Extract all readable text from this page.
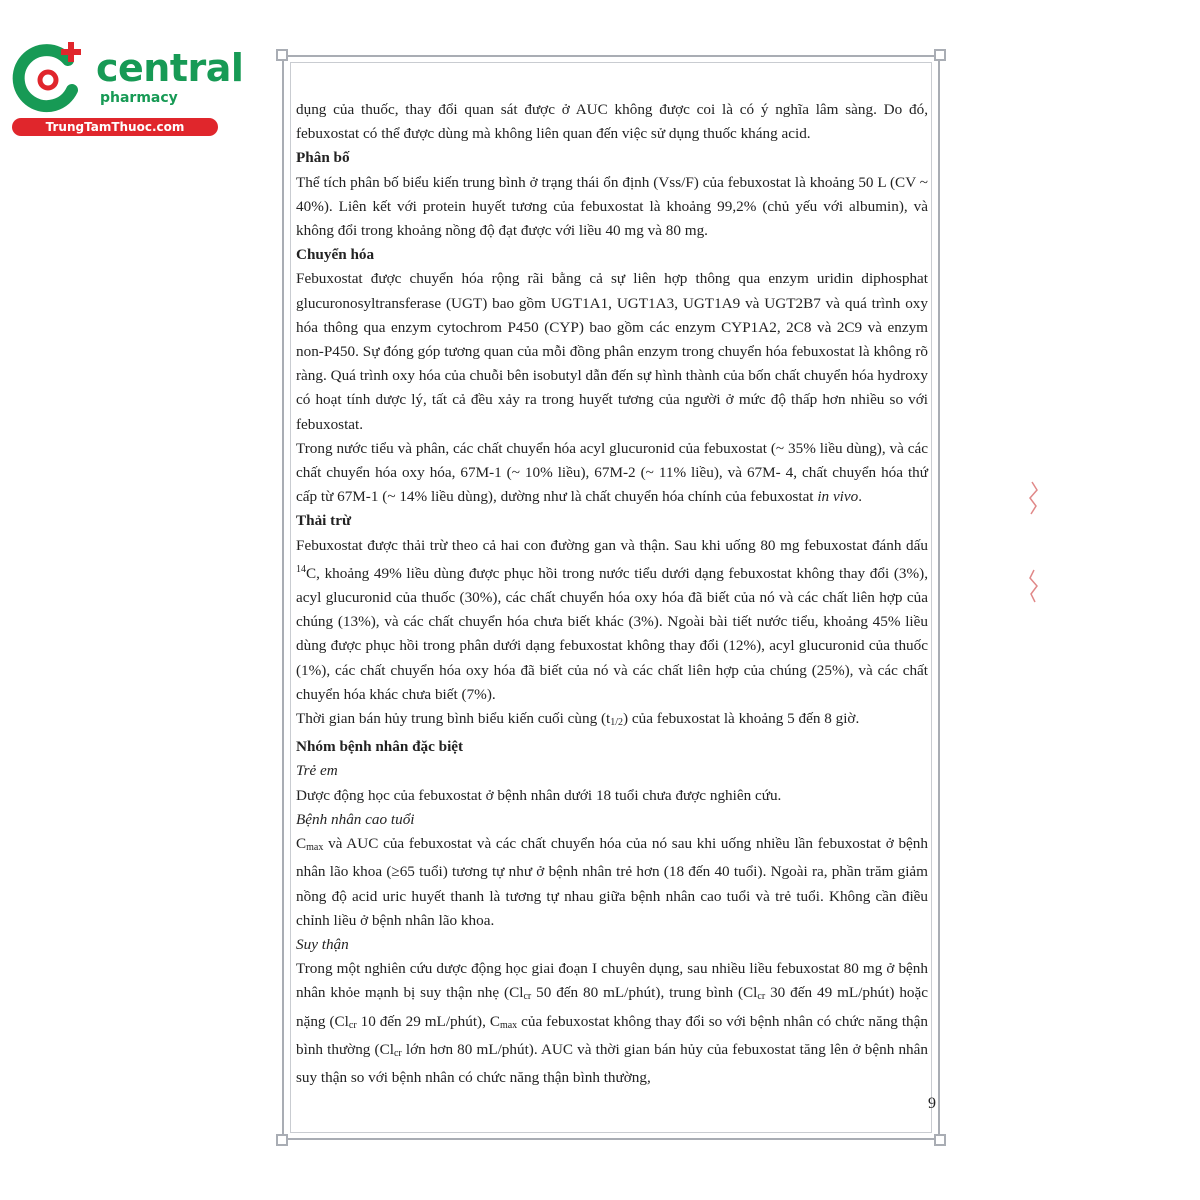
central
pharmacy
TrungTamThuoc.com

dụng của thuốc, thay đổi quan sát được ở AUC không được coi là có ý nghĩa lâm sàng. Do đó, febuxostat có thể được dùng mà không liên quan đến việc sử dụng thuốc kháng acid.

Phân bố

Thể tích phân bố biểu kiến trung bình ở trạng thái ổn định (Vss/F) của febuxostat là khoảng 50 L (CV ~ 40%). Liên kết với protein huyết tương của febuxostat là khoảng 99,2% (chủ yếu với albumin), và không đổi trong khoảng nồng độ đạt được với liều 40 mg và 80 mg.

Chuyển hóa

Febuxostat được chuyển hóa rộng rãi bằng cả sự liên hợp thông qua enzym uridin diphosphat glucuronosyltransferase (UGT) bao gồm UGT1A1, UGT1A3, UGT1A9 và UGT2B7 và quá trình oxy hóa thông qua enzym cytochrom P450 (CYP) bao gồm các enzym CYP1A2, 2C8 và 2C9 và enzym non-P450. Sự đóng góp tương quan của mỗi đồng phân enzym trong chuyển hóa febuxostat là không rõ ràng. Quá trình oxy hóa của chuỗi bên isobutyl dẫn đến sự hình thành của bốn chất chuyển hóa hydroxy có hoạt tính dược lý, tất cả đều xảy ra trong huyết tương của người ở mức độ thấp hơn nhiều so với febuxostat.

Trong nước tiểu và phân, các chất chuyển hóa acyl glucuronid của febuxostat (~ 35% liều dùng), và các chất chuyển hóa oxy hóa, 67M-1 (~ 10% liều), 67M-2 (~ 11% liều), và 67M- 4, chất chuyển hóa thứ cấp từ 67M-1 (~ 14% liều dùng), dường như là chất chuyển hóa chính của febuxostat in vivo.

Thải trừ

Febuxostat được thải trừ theo cả hai con đường gan và thận. Sau khi uống 80 mg febuxostat đánh dấu $^{14}$C, khoảng 49% liều dùng được phục hồi trong nước tiểu dưới dạng febuxostat không thay đổi (3%), acyl glucuronid của thuốc (30%), các chất chuyển hóa oxy hóa đã biết của nó và các chất liên hợp của chúng (13%), và các chất chuyển hóa chưa biết khác (3%). Ngoài bài tiết nước tiểu, khoảng 45% liều dùng được phục hồi trong phân dưới dạng febuxostat không thay đổi (12%), acyl glucuronid của thuốc (1%), các chất chuyển hóa oxy hóa đã biết của nó và các chất liên hợp của chúng (25%), và các chất chuyển hóa khác chưa biết (7%).

Thời gian bán hủy trung bình biểu kiến cuối cùng (t1/2) của febuxostat là khoảng 5 đến 8 giờ.

Nhóm bệnh nhân đặc biệt

Trẻ em

Dược động học của febuxostat ở bệnh nhân dưới 18 tuổi chưa được nghiên cứu.

Bệnh nhân cao tuổi

Cmax và AUC của febuxostat và các chất chuyển hóa của nó sau khi uống nhiều lần febuxostat ở bệnh nhân lão khoa (≥65 tuổi) tương tự như ở bệnh nhân trẻ hơn (18 đến 40 tuổi). Ngoài ra, phần trăm giảm nồng độ acid uric huyết thanh là tương tự nhau giữa bệnh nhân cao tuổi và trẻ tuổi. Không cần điều chỉnh liều ở bệnh nhân lão khoa.

Suy thận

Trong một nghiên cứu dược động học giai đoạn I chuyên dụng, sau nhiều liều febuxostat 80 mg ở bệnh nhân khỏe mạnh bị suy thận nhẹ (Clcr 50 đến 80 mL/phút), trung bình (Clcr 30 đến 49 mL/phút) hoặc nặng (Clcr 10 đến 29 mL/phút), Cmax của febuxostat không thay đổi so với bệnh nhân có chức năng thận bình thường (Clcr lớn hơn 80 mL/phút). AUC và thời gian bán hủy của febuxostat tăng lên ở bệnh nhân suy thận so với bệnh nhân có chức năng thận bình thường,

9
